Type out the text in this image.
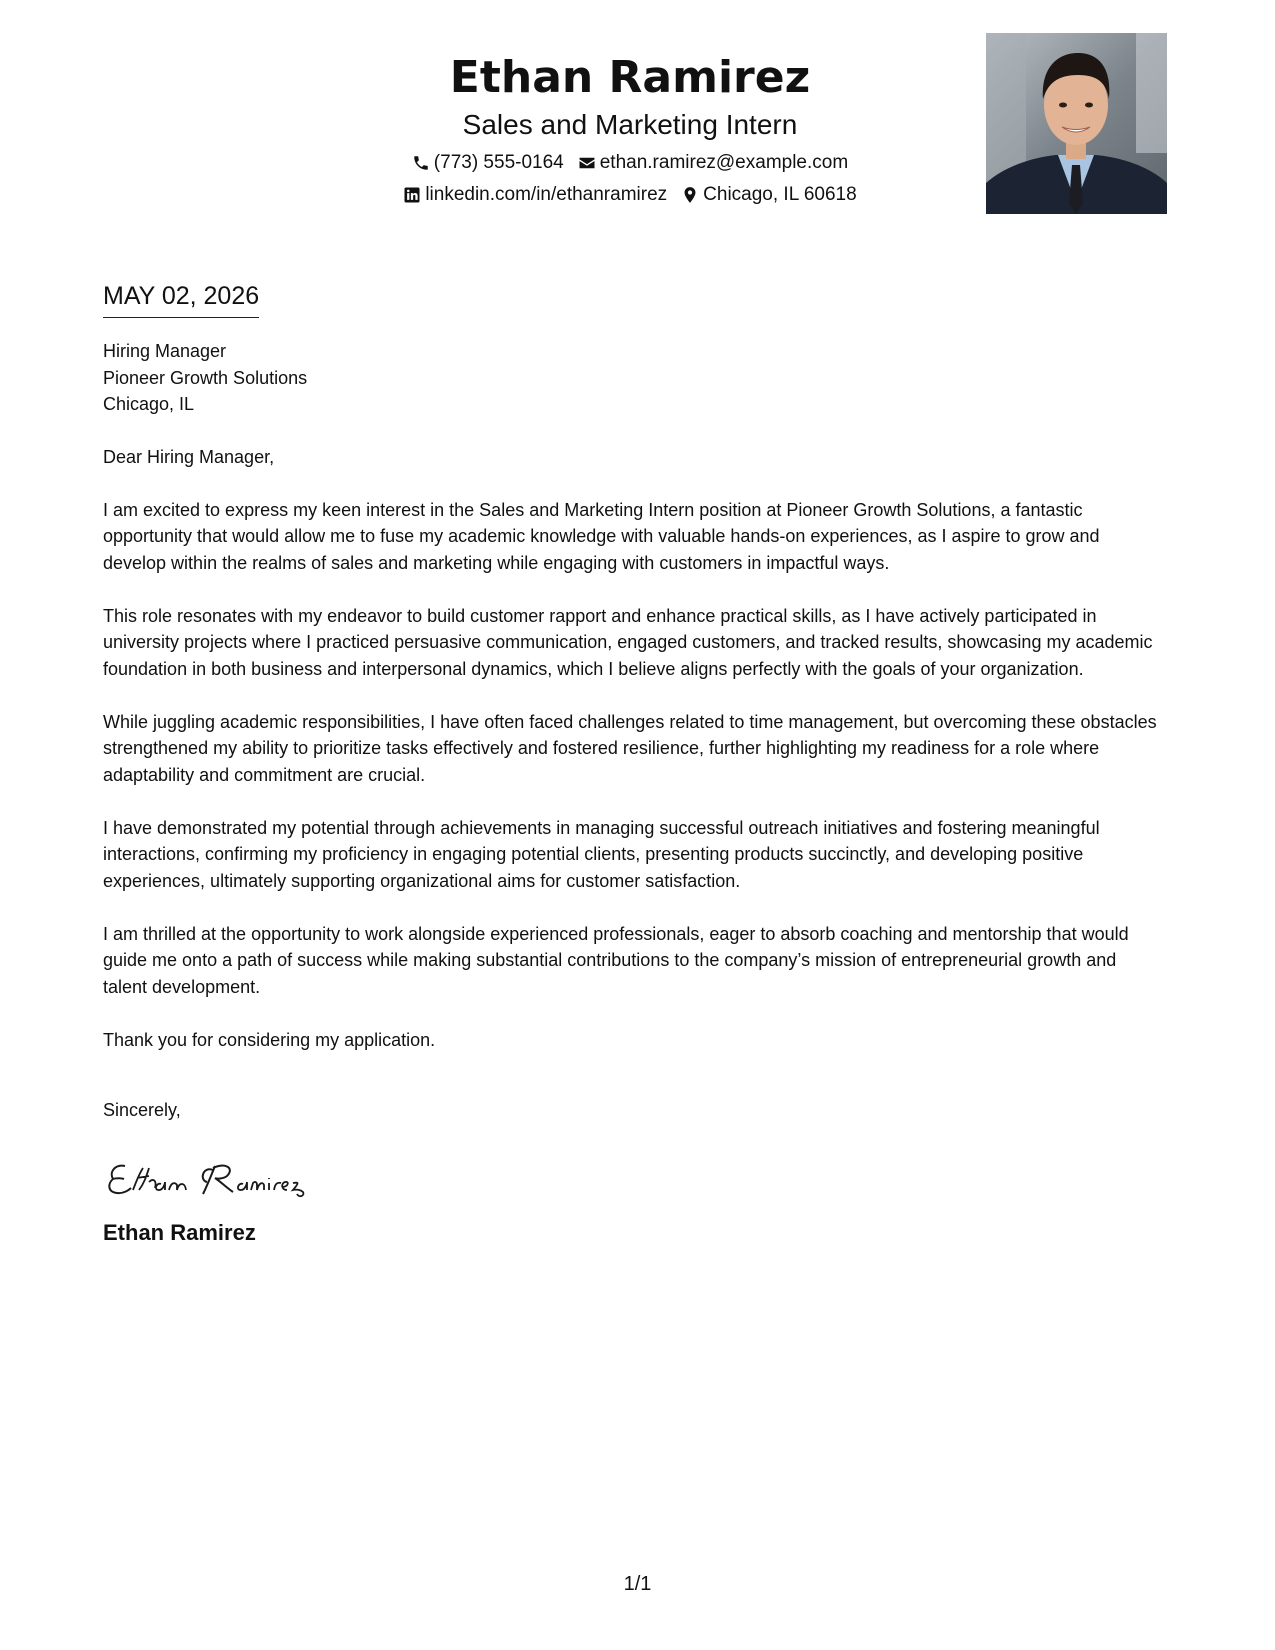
Ethan Ramirez
Sales and Marketing Intern
(773) 555-0164 ethan.ramirez@example.com
linkedin.com/in/ethanramirez Chicago, IL 60618
MAY 02, 2026
Hiring Manager
Pioneer Growth Solutions
Chicago, IL
Dear Hiring Manager,
I am excited to express my keen interest in the Sales and Marketing Intern position at Pioneer Growth Solutions, a fantastic opportunity that would allow me to fuse my academic knowledge with valuable hands-on experiences, as I aspire to grow and develop within the realms of sales and marketing while engaging with customers in impactful ways.
This role resonates with my endeavor to build customer rapport and enhance practical skills, as I have actively participated in university projects where I practiced persuasive communication, engaged customers, and tracked results, showcasing my academic foundation in both business and interpersonal dynamics, which I believe aligns perfectly with the goals of your organization.
While juggling academic responsibilities, I have often faced challenges related to time management, but overcoming these obstacles strengthened my ability to prioritize tasks effectively and fostered resilience, further highlighting my readiness for a role where adaptability and commitment are crucial.
I have demonstrated my potential through achievements in managing successful outreach initiatives and fostering meaningful interactions, confirming my proficiency in engaging potential clients, presenting products succinctly, and developing positive experiences, ultimately supporting organizational aims for customer satisfaction.
I am thrilled at the opportunity to work alongside experienced professionals, eager to absorb coaching and mentorship that would guide me onto a path of success while making substantial contributions to the company’s mission of entrepreneurial growth and talent development.
Thank you for considering my application.
Sincerely,
Ethan Ramirez
1/1
